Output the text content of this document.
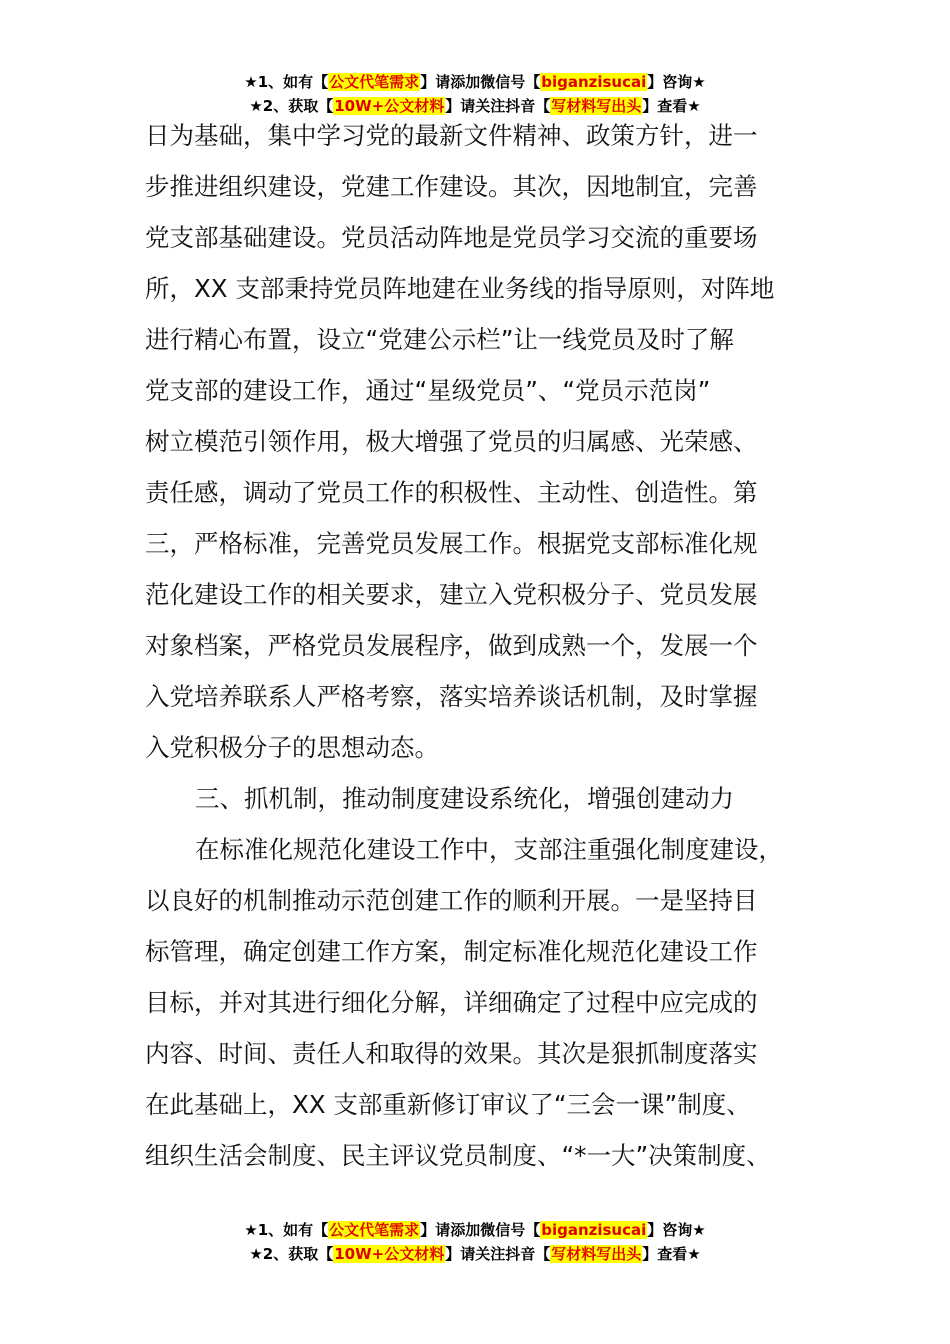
★1、如有【公文代笔需求】请添加微信号【biganzisucai】咨询★
★2、获取【10W+公文材料】请关注抖音【写材料写出头】查看★

日为基础，集中学习党的最新文件精神、政策方针，进一

步推进组织建设，党建工作建设。其次，因地制宜，完善

党支部基础建设。党员活动阵地是党员学习交流的重要场

所，XX 支部秉持党员阵地建在业务线的指导原则，对阵地

进行精心布置，设立“党建公示栏”让一线党员及时了解

党支部的建设工作，通过“星级党员”、“党员示范岗”

树立模范引领作用，极大增强了党员的归属感、光荣感、

责任感，调动了党员工作的积极性、主动性、创造性。第

三，严格标准，完善党员发展工作。根据党支部标准化规

范化建设工作的相关要求，建立入党积极分子、党员发展

对象档案，严格党员发展程序，做到成熟一个，发展一个

入党培养联系人严格考察，落实培养谈话机制，及时掌握

入党积极分子的思想动态。

三、抓机制，推动制度建设系统化，增强创建动力

在标准化规范化建设工作中，支部注重强化制度建设，

以良好的机制推动示范创建工作的顺利开展。一是坚持目

标管理，确定创建工作方案，制定标准化规范化建设工作

目标，并对其进行细化分解，详细确定了过程中应完成的

内容、时间、责任人和取得的效果。其次是狠抓制度落实

在此基础上，XX 支部重新修订审议了“三会一课”制度、

组织生活会制度、民主评议党员制度、“*一大”决策制度、

★1、如有【公文代笔需求】请添加微信号【biganzisucai】咨询★
★2、获取【10W+公文材料】请关注抖音【写材料写出头】查看★
